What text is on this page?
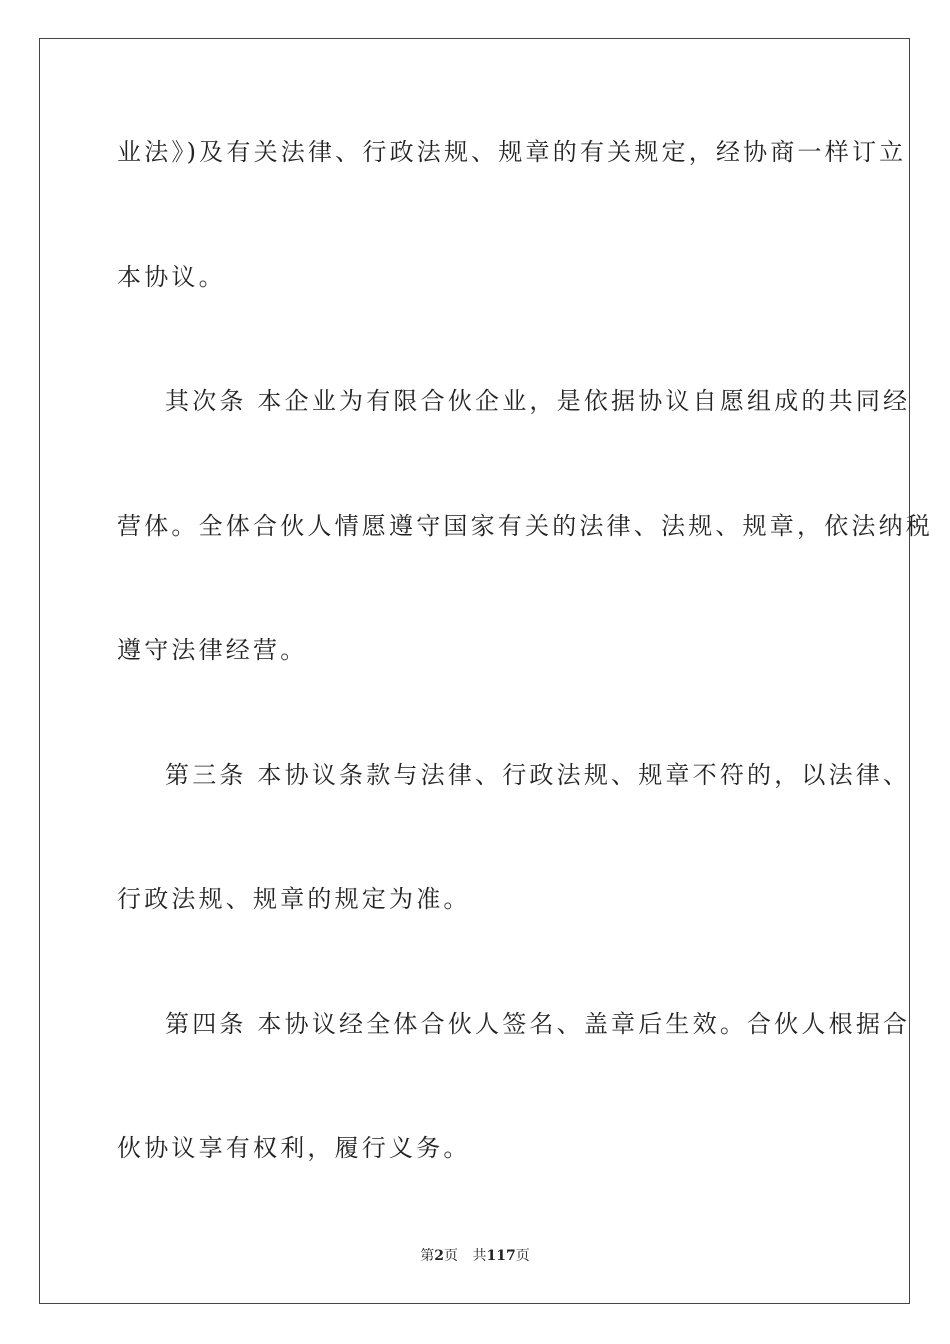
业法》)及有关法律、行政法规、规章的有关规定，经协商一样订立
本协议。
其次条 本企业为有限合伙企业，是依据协议自愿组成的共同经
营体。全体合伙人情愿遵守国家有关的法律、法规、规章，依法纳税
遵守法律经营。
第三条 本协议条款与法律、行政法规、规章不符的，以法律、
行政法规、规章的规定为准。
第四条 本协议经全体合伙人签名、盖章后生效。合伙人根据合
伙协议享有权利，履行义务。
第2页 共117页
